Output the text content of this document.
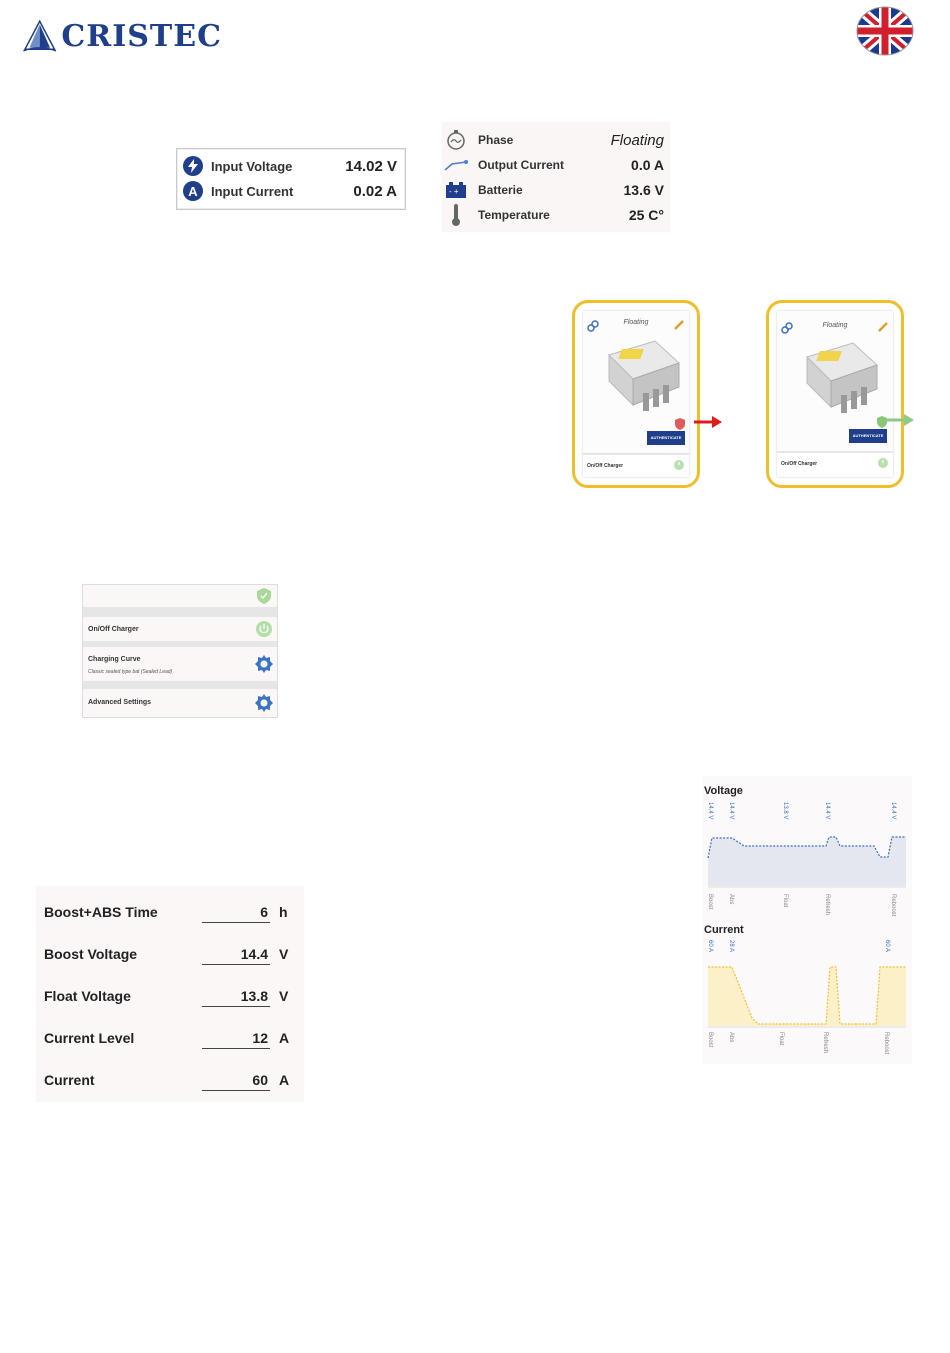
CRISTEC
Input Voltage	14.02 V
A	Input Current	0.02 A
Phase	Floating
Output Current	0.0 A
- + Batterie	13.6 V
Temperature	25 C°
Floating
AUTHENTICATE
On/Off Charger
Floating
AUTHENTICATE
On/Off Charger
On/Off Charger
Charging Curve
Classic sealed type bat (Sealed Lead)
Advanced Settings
Boost+ABS Time	6 h
Boost Voltage	14.4 V
Float Voltage	13.8 V
Current Level	12 A
Current	60 A
Voltage
Current
Boost	Abs	Float	Refresh	Reboost
14.4 V	14.4 V	13.8 V	14.4 V	14.4 V
Boost	Abs	Float	Refresh	Reboost
60 A	28 A	60 A
